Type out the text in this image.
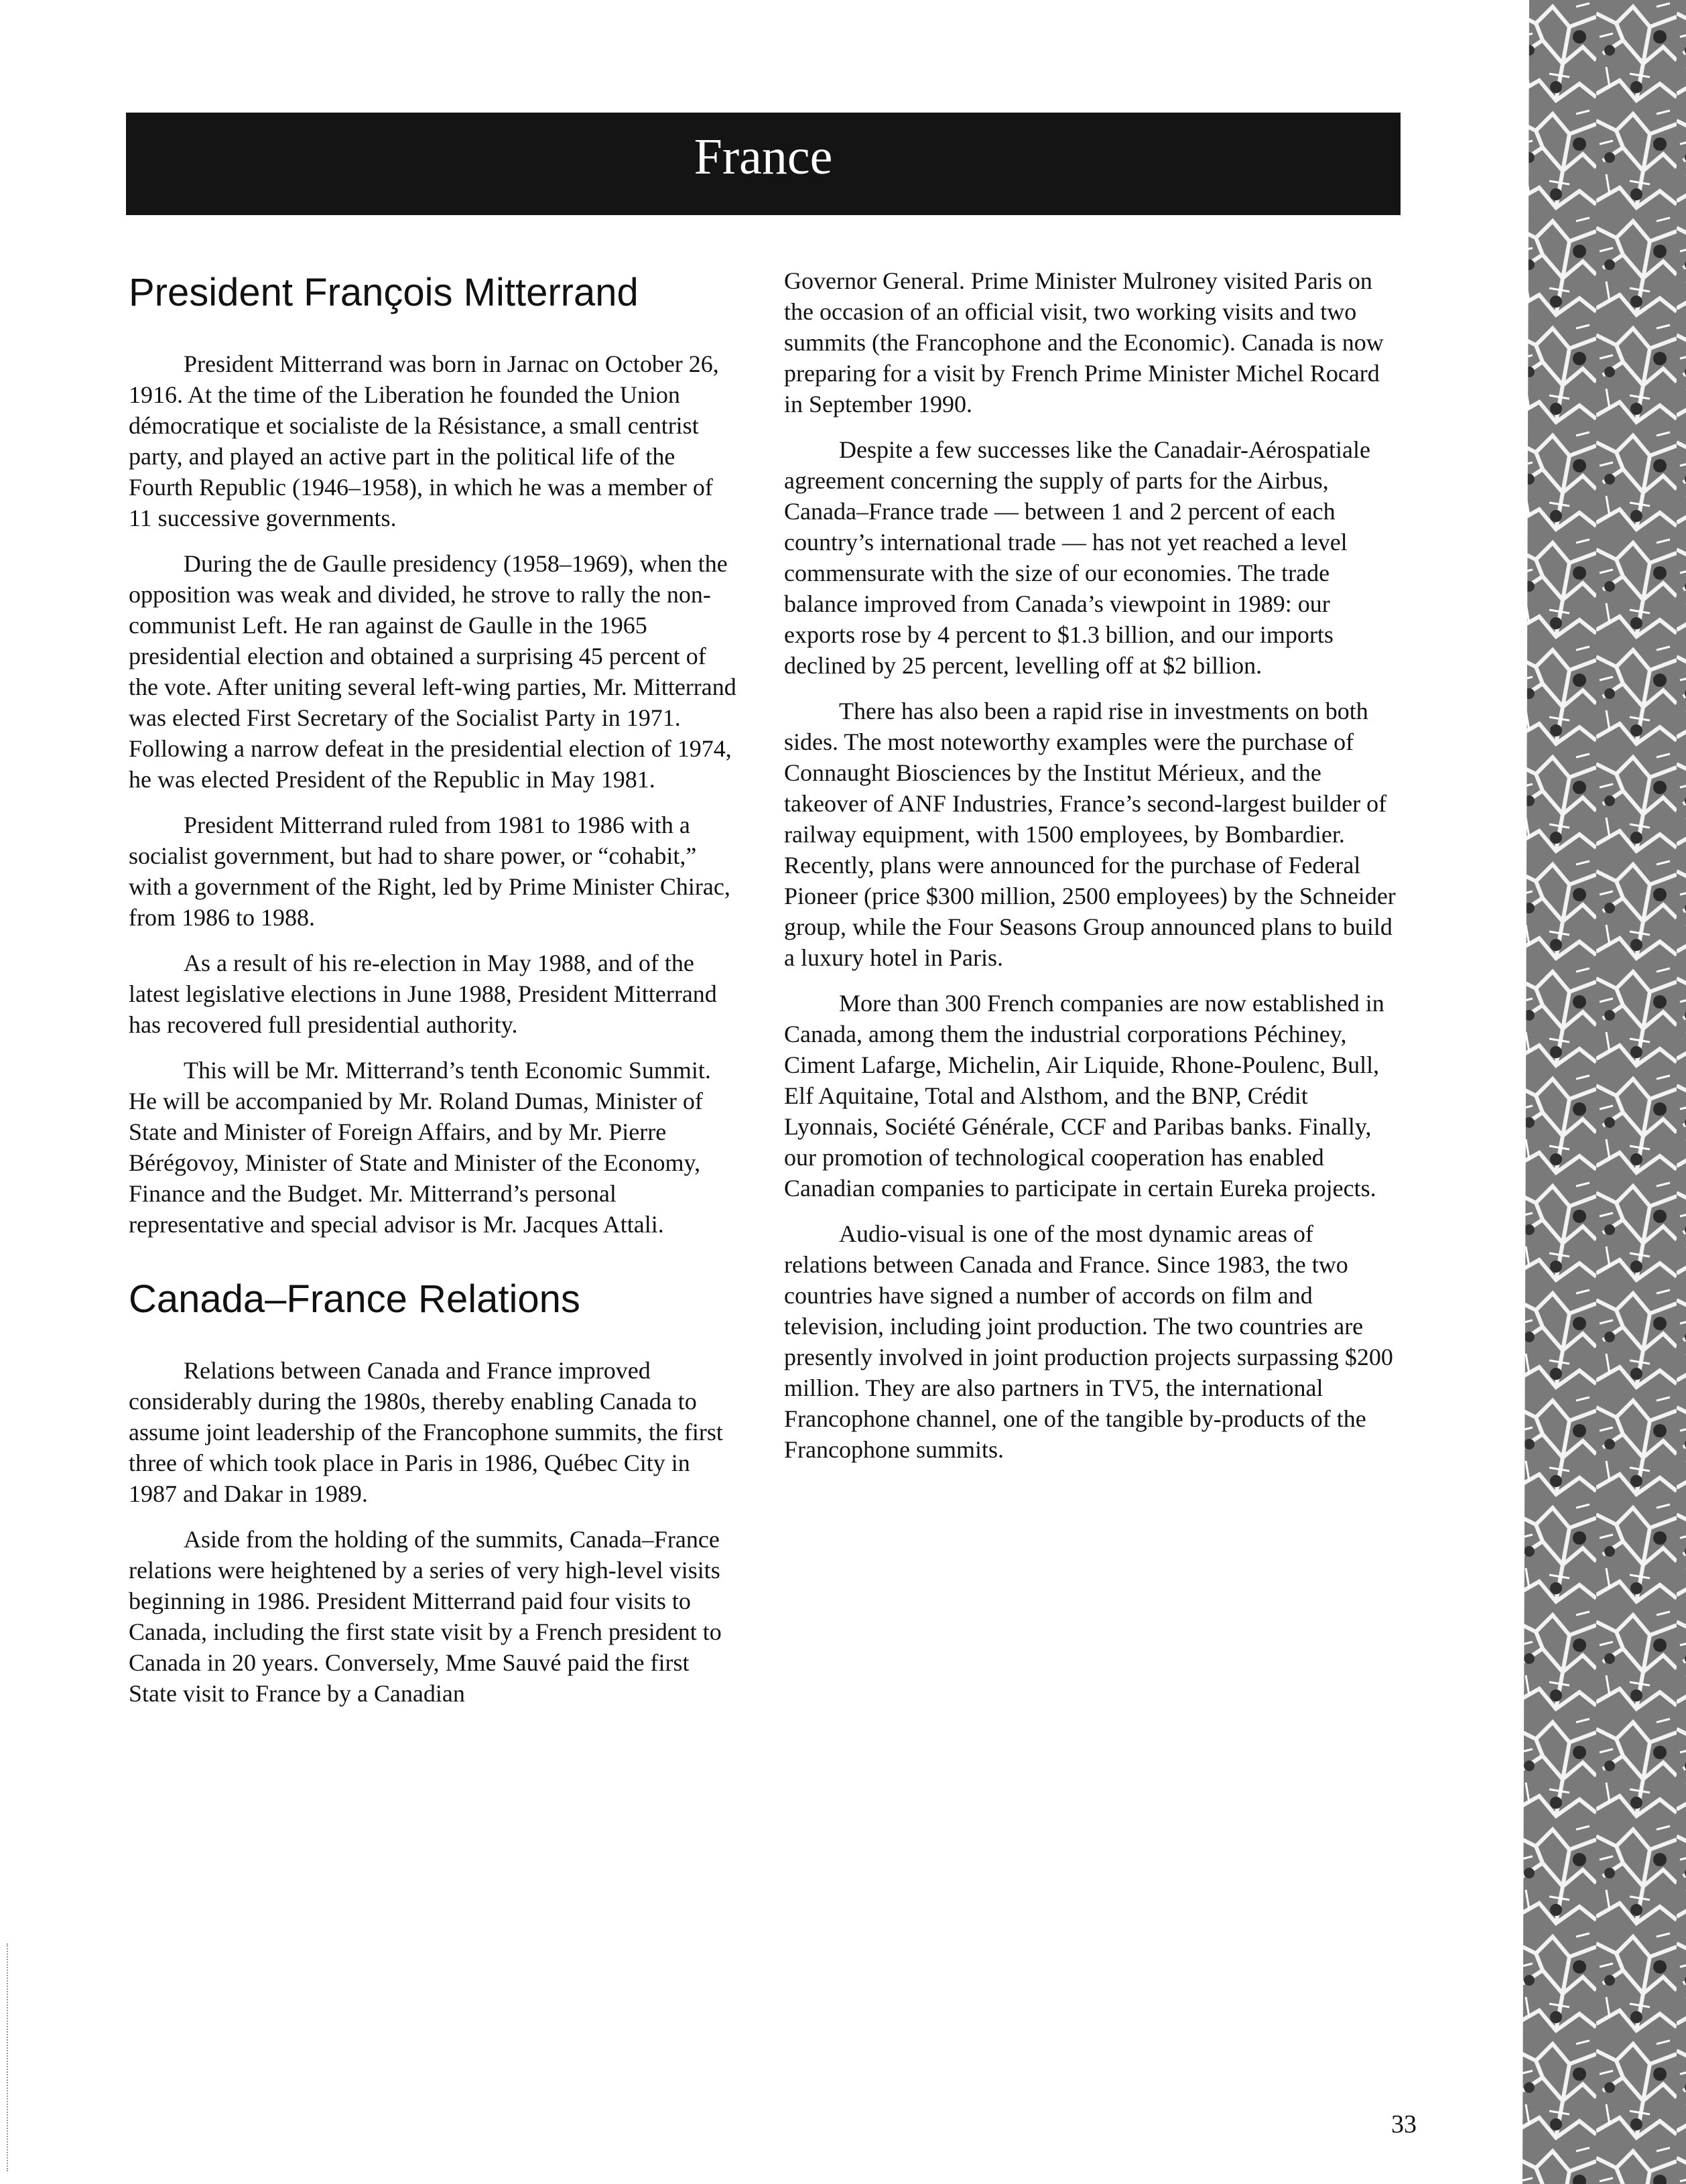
France
President François Mitterrand

President Mitterrand was born in Jarnac on October 26, 1916. At the time of the Liberation he founded the Union démocratique et socialiste de la Résistance, a small centrist party, and played an active part in the political life of the Fourth Republic (1946–1958), in which he was a member of 11 successive governments.

During the de Gaulle presidency (1958–1969), when the opposition was weak and divided, he strove to rally the non-communist Left. He ran against de Gaulle in the 1965 presidential election and obtained a surprising 45 percent of the vote. After uniting several left-wing parties, Mr. Mitterrand was elected First Secretary of the Socialist Party in 1971. Following a narrow defeat in the presidential election of 1974, he was elected President of the Republic in May 1981.

President Mitterrand ruled from 1981 to 1986 with a socialist government, but had to share power, or “cohabit,” with a government of the Right, led by Prime Minister Chirac, from 1986 to 1988.

As a result of his re-election in May 1988, and of the latest legislative elections in June 1988, President Mitterrand has recovered full presidential authority.

This will be Mr. Mitterrand’s tenth Economic Summit. He will be accompanied by Mr. Roland Dumas, Minister of State and Minister of Foreign Affairs, and by Mr. Pierre Bérégovoy, Minister of State and Minister of the Economy, Finance and the Budget. Mr. Mitterrand’s personal representative and special advisor is Mr. Jacques Attali.

Canada–France Relations

Relations between Canada and France improved considerably during the 1980s, thereby enabling Canada to assume joint leadership of the Francophone summits, the first three of which took place in Paris in 1986, Québec City in 1987 and Dakar in 1989.

Aside from the holding of the summits, Canada–France relations were heightened by a series of very high-level visits beginning in 1986. President Mitterrand paid four visits to Canada, including the first state visit by a French president to Canada in 20 years. Conversely, Mme Sauvé paid the first State visit to France by a Canadian

Governor General. Prime Minister Mulroney visited Paris on the occasion of an official visit, two working visits and two summits (the Francophone and the Economic). Canada is now preparing for a visit by French Prime Minister Michel Rocard in September 1990.

Despite a few successes like the Canadair-Aérospatiale agreement concerning the supply of parts for the Airbus, Canada–France trade — between 1 and 2 percent of each country’s international trade — has not yet reached a level commensurate with the size of our economies. The trade balance improved from Canada’s viewpoint in 1989: our exports rose by 4 percent to $1.3 billion, and our imports declined by 25 percent, levelling off at $2 billion.

There has also been a rapid rise in investments on both sides. The most noteworthy examples were the purchase of Connaught Biosciences by the Institut Mérieux, and the takeover of ANF Industries, France’s second-largest builder of railway equipment, with 1500 employees, by Bombardier. Recently, plans were announced for the purchase of Federal Pioneer (price $300 million, 2500 employees) by the Schneider group, while the Four Seasons Group announced plans to build a luxury hotel in Paris.

More than 300 French companies are now established in Canada, among them the industrial corporations Péchiney, Ciment Lafarge, Michelin, Air Liquide, Rhone-Poulenc, Bull, Elf Aquitaine, Total and Alsthom, and the BNP, Crédit Lyonnais, Société Générale, CCF and Paribas banks. Finally, our promotion of technological cooperation has enabled Canadian companies to participate in certain Eureka projects.

Audio-visual is one of the most dynamic areas of relations between Canada and France. Since 1983, the two countries have signed a number of accords on film and television, including joint production. The two countries are presently involved in joint production projects surpassing $200 million. They are also partners in TV5, the international Francophone channel, one of the tangible by-products of the Francophone summits.

33
